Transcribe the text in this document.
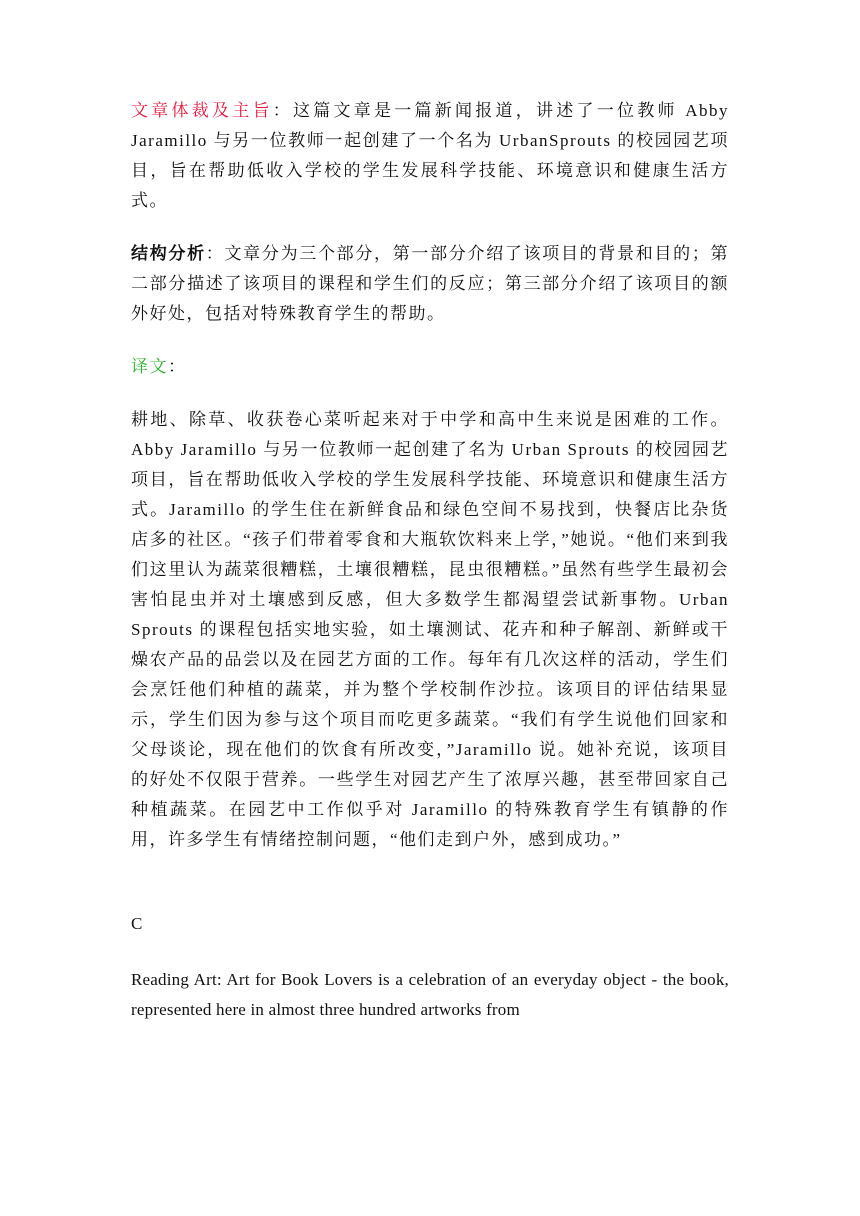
文章体裁及主旨：这篇文章是一篇新闻报道，讲述了一位教师 Abby Jaramillo 与另一位教师一起创建了一个名为 UrbanSprouts 的校园园艺项目，旨在帮助低收入学校的学生发展科学技能、环境意识和健康生活方式。

结构分析：文章分为三个部分，第一部分介绍了该项目的背景和目的；第二部分描述了该项目的课程和学生们的反应；第三部分介绍了该项目的额外好处，包括对特殊教育学生的帮助。

译文：

耕地、除草、收获卷心菜听起来对于中学和高中生来说是困难的工作。Abby Jaramillo 与另一位教师一起创建了名为 Urban Sprouts 的校园园艺项目，旨在帮助低收入学校的学生发展科学技能、环境意识和健康生活方式。Jaramillo 的学生住在新鲜食品和绿色空间不易找到，快餐店比杂货店多的社区。“孩子们带着零食和大瓶软饮料来上学，”她说。“他们来到我们这里认为蔬菜很糟糕，土壤很糟糕，昆虫很糟糕。”虽然有些学生最初会害怕昆虫并对土壤感到反感，但大多数学生都渴望尝试新事物。Urban Sprouts 的课程包括实地实验，如土壤测试、花卉和种子解剖、新鲜或干燥农产品的品尝以及在园艺方面的工作。每年有几次这样的活动，学生们会烹饪他们种植的蔬菜，并为整个学校制作沙拉。该项目的评估结果显示，学生们因为参与这个项目而吃更多蔬菜。“我们有学生说他们回家和父母谈论，现在他们的饮食有所改变，”Jaramillo 说。她补充说，该项目的好处不仅限于营养。一些学生对园艺产生了浓厚兴趣，甚至带回家自己种植蔬菜。在园艺中工作似乎对 Jaramillo 的特殊教育学生有镇静的作用，许多学生有情绪控制问题，“他们走到户外，感到成功。”

C

Reading Art: Art for Book Lovers is a celebration of an everyday object - the book, represented here in almost three hundred artworks from
